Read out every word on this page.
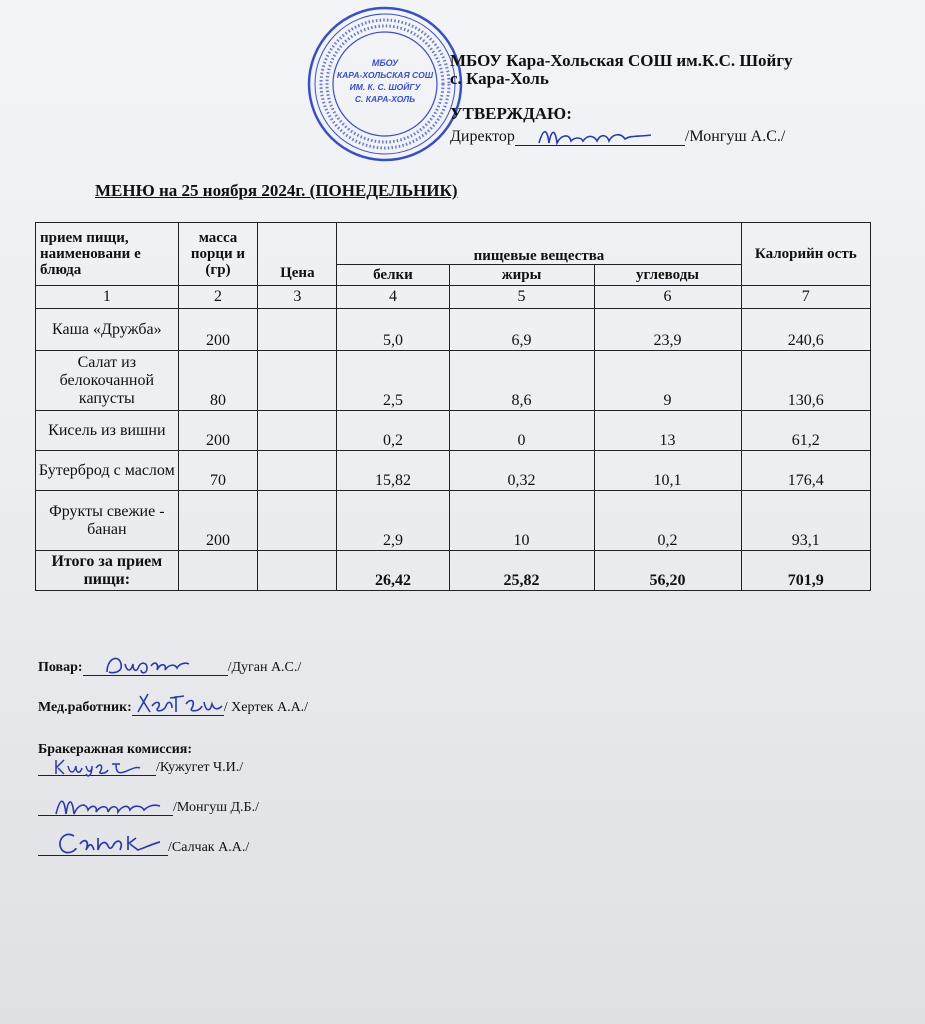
МБОУ
КАРА-ХОЛЬСКАЯ СОШ
ИМ. К. С. ШОЙГУ
С. КАРА-ХОЛЬ
МБОУ Кара-Хольская СОШ им.К.С. Шойгу
с. Кара-Холь
УТВЕРЖДАЮ:
Директор	/Монгуш А.С./
МЕНЮ на 25 ноября 2024г. (ПОНЕДЕЛЬНИК)
прием пищи, наименовани е блюда	масса порци и (гр)	Цена	пищевые вещества			Калорийн ость
			белки	жиры	углеводы	
1	2	3	4	5	6	7
Каша «Дружба»	200		5,0	6,9	23,9	240,6
Салат из белокочанной капусты	80		2,5	8,6	9	130,6
Кисель из вишни	200		0,2	0	13	61,2
Бутерброд с маслом	70		15,82	0,32	10,1	176,4
Фрукты свежие - банан	200		2,9	10	0,2	93,1
Итого за прием пищи:			26,42	25,82	56,20	701,9
Повар:	/Дуган А.С./
Мед.работник:	/ Хертек А.А./
Бракеражная комиссия:
/Кужугет Ч.И./
/Монгуш Д.Б./
/Салчак А.А./
